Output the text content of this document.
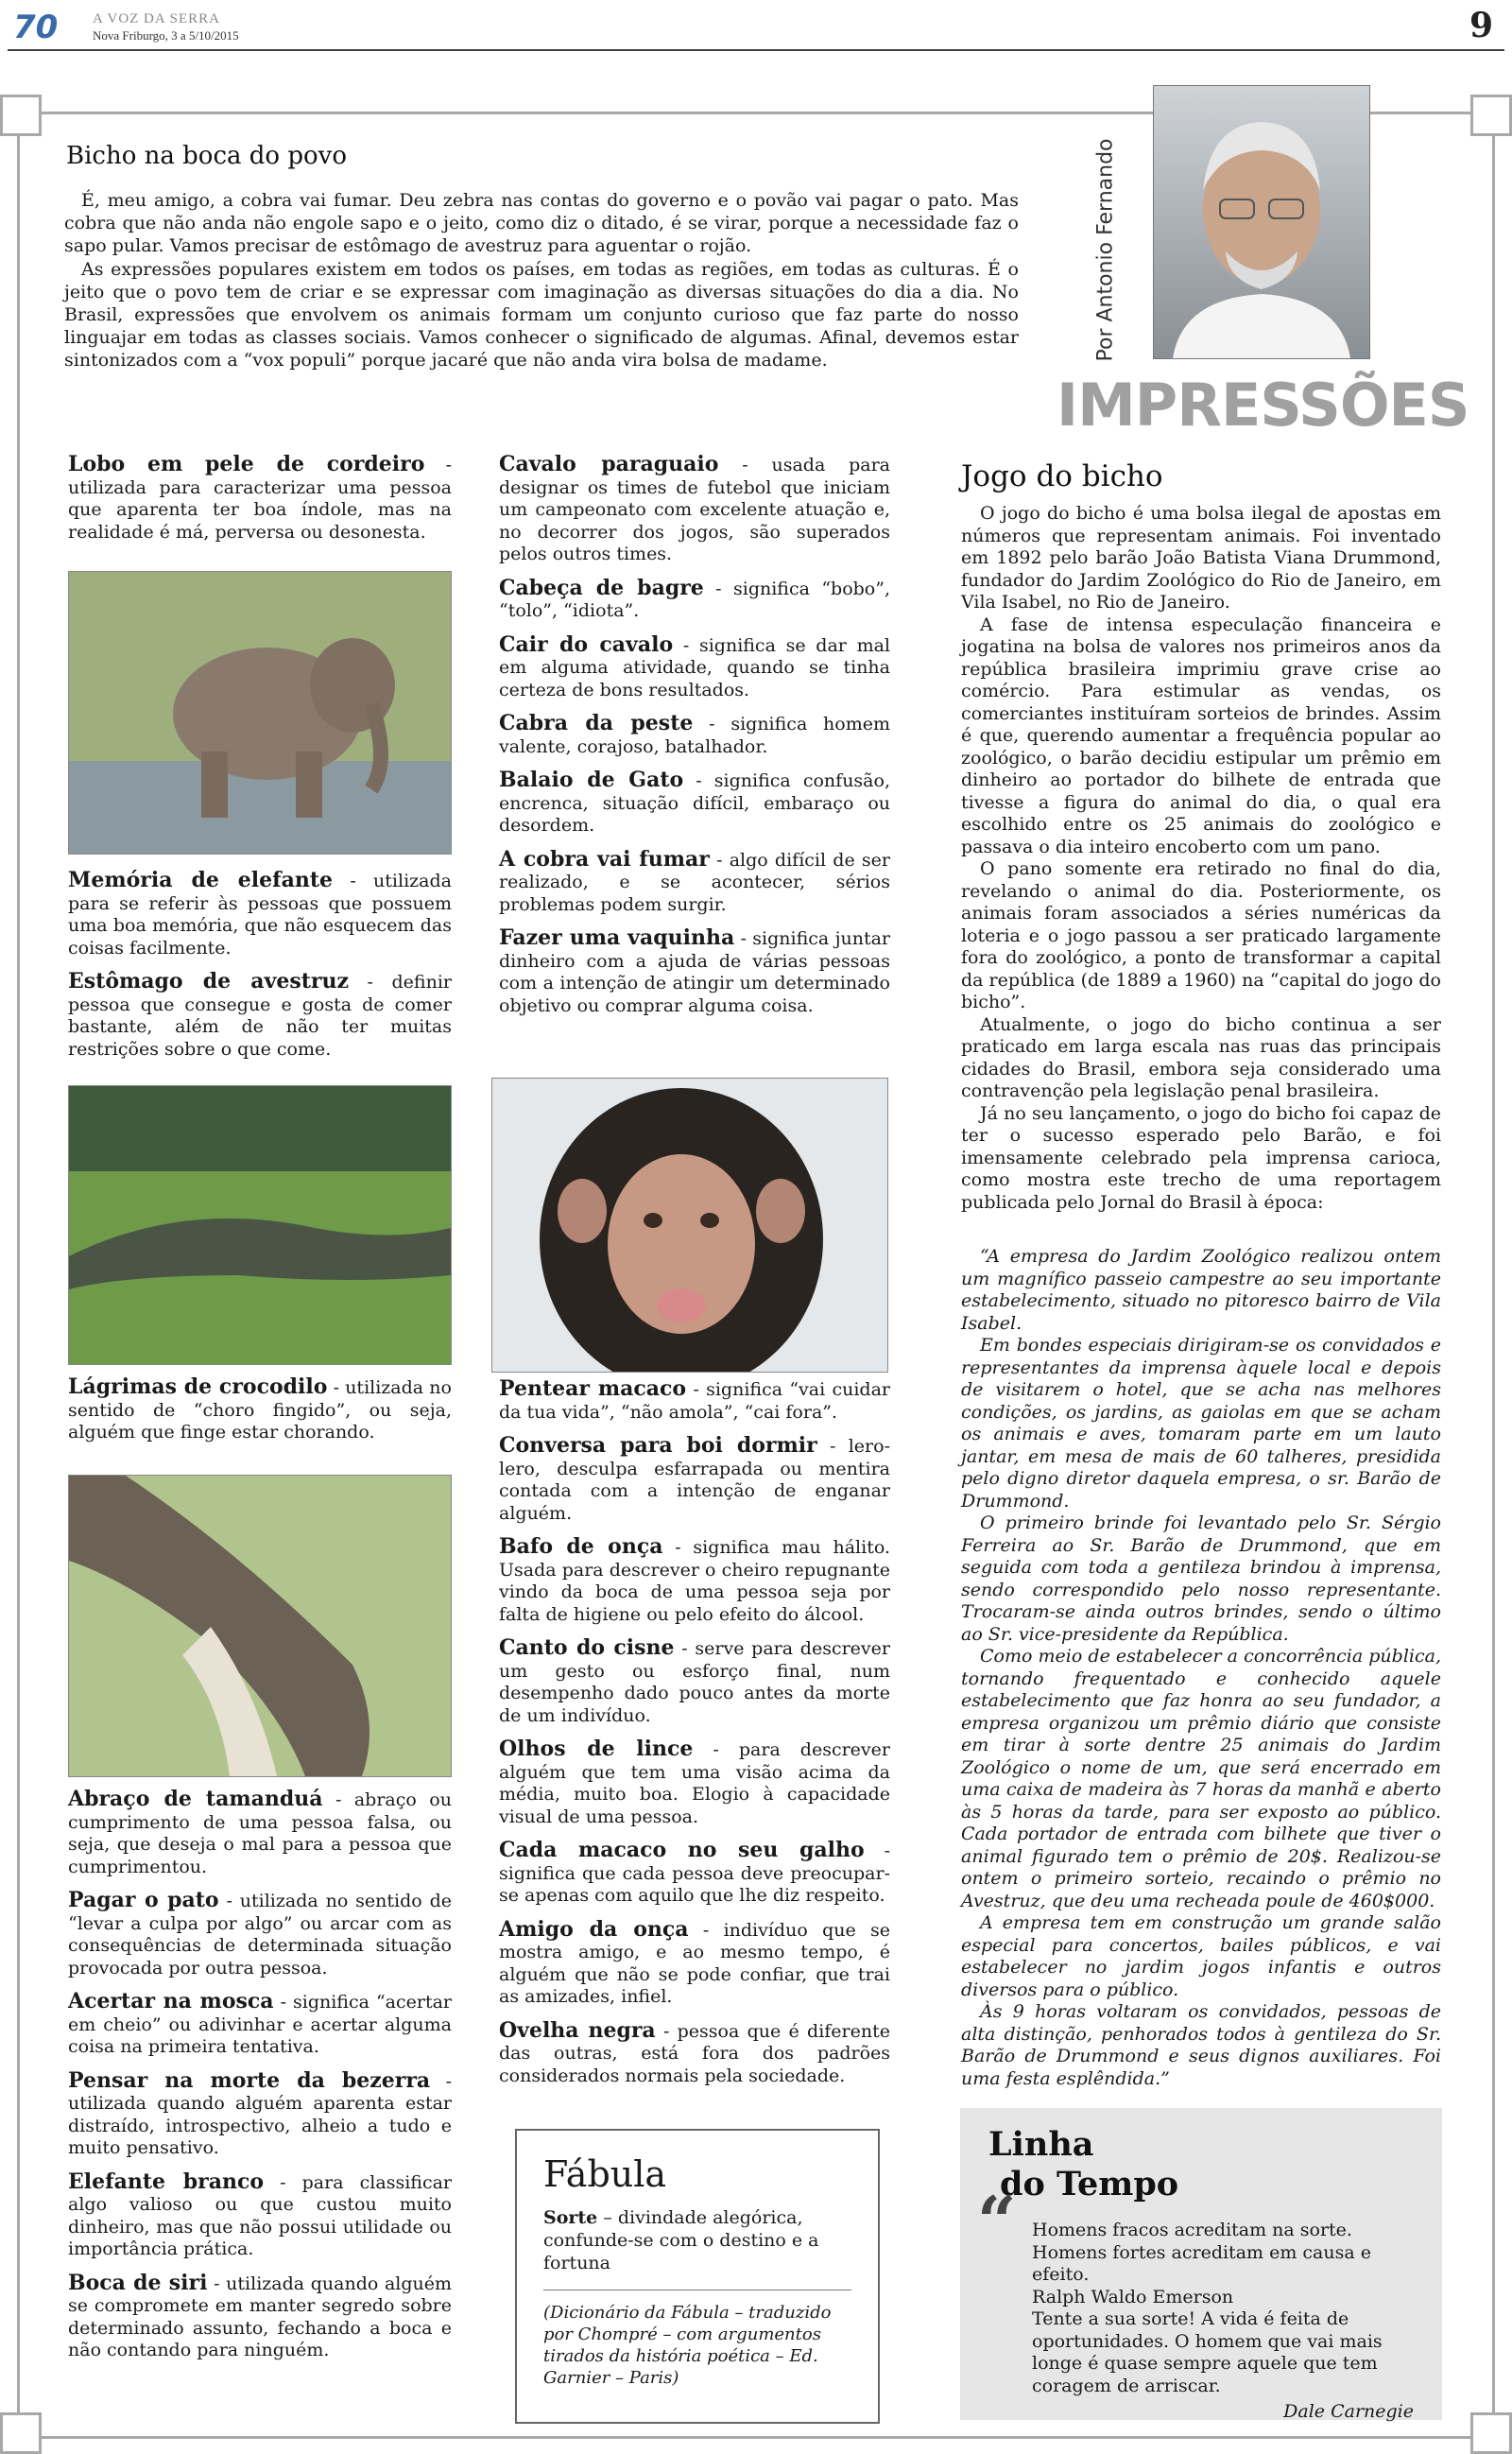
70 A VOZ DA SERRA
Nova Friburgo, 3 a 5/10/2015	9
Bicho na boca do povo

É, meu amigo, a cobra vai fumar. Deu zebra nas contas do governo e o povão vai pagar o pato. Mas cobra que não anda não engole sapo e o jeito, como diz o ditado, é se virar, porque a necessidade faz o sapo pular. Vamos precisar de estômago de avestruz para aguentar o rojão.

As expressões populares existem em todos os países, em todas as regiões, em todas as culturas. É o jeito que o povo tem de criar e se expressar com imaginação as diversas situações do dia a dia. No Brasil, expressões que envolvem os animais formam um conjunto curioso que faz parte do nosso linguajar em todas as classes sociais. Vamos conhecer o significado de algumas. Afinal, devemos estar sintonizados com a “vox populi” porque jacaré que não anda vira bolsa de madame.	Por Antonio Fernando
IMPRESSÕES

Lobo em pele de cordeiro - utilizada para caracterizar uma pessoa que aparenta ter boa índole, mas na realidade é má, perversa ou desonesta.

Memória de elefante - utilizada para se referir às pessoas que possuem uma boa memória, que não esquecem das coisas facilmente.

Estômago de avestruz - definir pessoa que consegue e gosta de comer bastante, além de não ter muitas restrições sobre o que come.

Lágrimas de crocodilo - utilizada no sentido de “choro fingido”, ou seja, alguém que finge estar chorando.

Abraço de tamanduá - abraço ou cumprimento de uma pessoa falsa, ou seja, que deseja o mal para a pessoa que cumprimentou.

Pagar o pato - utilizada no sentido de “levar a culpa por algo” ou arcar com as consequências de determinada situação provocada por outra pessoa.

Acertar na mosca - significa “acertar em cheio” ou adivinhar e acertar alguma coisa na primeira tentativa.

Pensar na morte da bezerra - utilizada quando alguém aparenta estar distraído, introspectivo, alheio a tudo e muito pensativo.

Elefante branco - para classificar algo valioso ou que custou muito dinheiro, mas que não possui utilidade ou importância prática.

Boca de siri - utilizada quando alguém se compromete em manter segredo sobre determinado assunto, fechando a boca e não contando para ninguém.

Cavalo paraguaio - usada para designar os times de futebol que iniciam um campeonato com excelente atuação e, no decorrer dos jogos, são superados pelos outros times.

Cabeça de bagre - significa “bobo”, “tolo”, “idiota”.

Cair do cavalo - significa se dar mal em alguma atividade, quando se tinha certeza de bons resultados.

Cabra da peste - significa homem valente, corajoso, batalhador.

Balaio de Gato - significa confusão, encrenca, situação difícil, embaraço ou desordem.

A cobra vai fumar - algo difícil de ser realizado, e se acontecer, sérios problemas podem surgir.

Fazer uma vaquinha - significa juntar dinheiro com a ajuda de várias pessoas com a intenção de atingir um determinado objetivo ou comprar alguma coisa.

Pentear macaco - significa “vai cuidar da tua vida”, “não amola”, “cai fora”.

Conversa para boi dormir - lero-lero, desculpa esfarrapada ou mentira contada com a intenção de enganar alguém.

Bafo de onça - significa mau hálito. Usada para descrever o cheiro repugnante vindo da boca de uma pessoa seja por falta de higiene ou pelo efeito do álcool.

Canto do cisne - serve para descrever um gesto ou esforço final, num desempenho dado pouco antes da morte de um indivíduo.

Olhos de lince - para descrever alguém que tem uma visão acima da média, muito boa. Elogio à capacidade visual de uma pessoa.

Cada macaco no seu galho - significa que cada pessoa deve preocupar-se apenas com aquilo que lhe diz respeito.

Amigo da onça - indivíduo que se mostra amigo, e ao mesmo tempo, é alguém que não se pode confiar, que trai as amizades, infiel.

Ovelha negra - pessoa que é diferente das outras, está fora dos padrões considerados normais pela sociedade.

Jogo do bicho

O jogo do bicho é uma bolsa ilegal de apostas em números que representam animais. Foi inventado em 1892 pelo barão João Batista Viana Drummond, fundador do Jardim Zoológico do Rio de Janeiro, em Vila Isabel, no Rio de Janeiro.

A fase de intensa especulação financeira e jogatina na bolsa de valores nos primeiros anos da república brasileira imprimiu grave crise ao comércio. Para estimular as vendas, os comerciantes instituíram sorteios de brindes. Assim é que, querendo aumentar a frequência popular ao zoológico, o barão decidiu estipular um prêmio em dinheiro ao portador do bilhete de entrada que tivesse a figura do animal do dia, o qual era escolhido entre os 25 animais do zoológico e passava o dia inteiro encoberto com um pano.

O pano somente era retirado no final do dia, revelando o animal do dia. Posteriormente, os animais foram associados a séries numéricas da loteria e o jogo passou a ser praticado largamente fora do zoológico, a ponto de transformar a capital da república (de 1889 a 1960) na “capital do jogo do bicho”.

Atualmente, o jogo do bicho continua a ser praticado em larga escala nas ruas das principais cidades do Brasil, embora seja considerado uma contravenção pela legislação penal brasileira.

Já no seu lançamento, o jogo do bicho foi capaz de ter o sucesso esperado pelo Barão, e foi imensamente celebrado pela imprensa carioca, como mostra este trecho de uma reportagem publicada pelo Jornal do Brasil à época:

“A empresa do Jardim Zoológico realizou ontem um magnífico passeio campestre ao seu importante estabelecimento, situado no pitoresco bairro de Vila Isabel.

Em bondes especiais dirigiram-se os convidados e representantes da imprensa àquele local e depois de visitarem o hotel, que se acha nas melhores condições, os jardins, as gaiolas em que se acham os animais e aves, tomaram parte em um lauto jantar, em mesa de mais de 60 talheres, presidida pelo digno diretor daquela empresa, o sr. Barão de Drummond.

O primeiro brinde foi levantado pelo Sr. Sérgio Ferreira ao Sr. Barão de Drummond, que em seguida com toda a gentileza brindou à imprensa, sendo correspondido pelo nosso representante. Trocaram-se ainda outros brindes, sendo o último ao Sr. vice-presidente da República.

Como meio de estabelecer a concorrência pública, tornando frequentado e conhecido aquele estabelecimento que faz honra ao seu fundador, a empresa organizou um prêmio diário que consiste em tirar à sorte dentre 25 animais do Jardim Zoológico o nome de um, que será encerrado em uma caixa de madeira às 7 horas da manhã e aberto às 5 horas da tarde, para ser exposto ao público. Cada portador de entrada com bilhete que tiver o animal figurado tem o prêmio de 20$. Realizou-se ontem o primeiro sorteio, recaindo o prêmio no Avestruz, que deu uma recheada poule de 460$000.

A empresa tem em construção um grande salão especial para concertos, bailes públicos, e vai estabelecer no jardim jogos infantis e outros diversos para o público.

Às 9 horas voltaram os convidados, pessoas de alta distinção, penhorados todos à gentileza do Sr. Barão de Drummond e seus dignos auxiliares. Foi uma festa esplêndida.”

Fábula
Sorte – divindade alegórica, confunde-se com o destino e a fortuna
(Dicionário da Fábula – traduzido por Chompré – com argumentos tirados da história poética – Ed. Garnier – Paris)
Linha
do Tempo
“ Homens fracos acreditam na sorte. Homens fortes acreditam em causa e efeito.
Ralph Waldo Emerson
Tente a sua sorte! A vida é feita de oportunidades. O homem que vai mais longe é quase sempre aquele que tem coragem de arriscar.
Dale Carnegie
